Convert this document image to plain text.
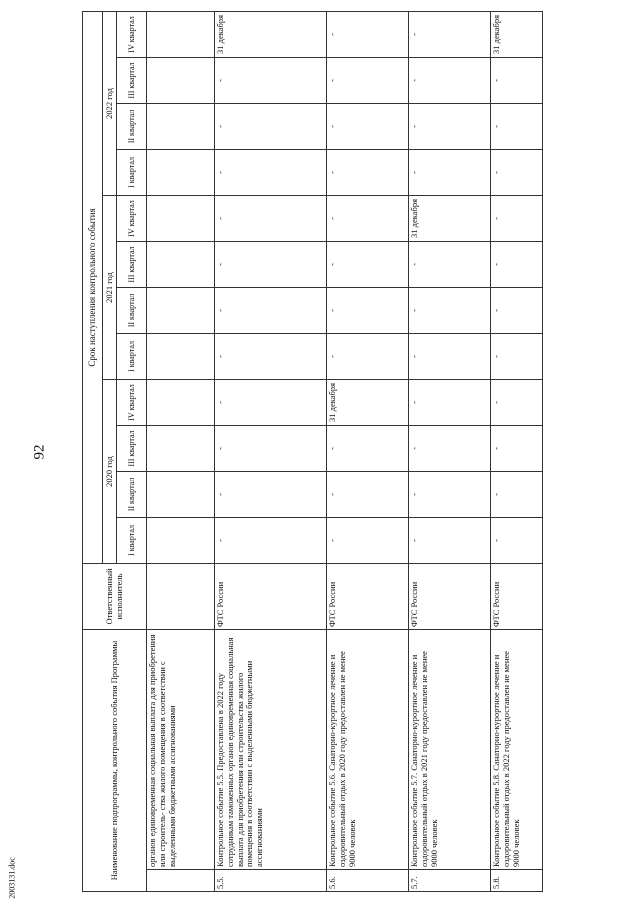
92
2003131.doc	Наименование подпрограммы, контрольного события Программы		Ответственный исполнитель	Срок наступления контрольного события											
			2020 год				2021 год				2022 год			
			I квартал	II квартал	III квартал	IV квартал	I квартал	II квартал	III квартал	IV квартал	I квартал	II квартал	III квартал	IV квартал
	органов единовременная социальная выплата для приобретения или строитель- ства жилого помещения в соответствии с выделенными бюджетными ассигнованиями													
5.5.	Контрольное событие 5.5. Предоставлена в 2022 году сотрудникам таможенных органов единовременная социальная выплата для приобретения или строительства жилого помещения в соответствии с выделенными бюджетными ассигнованиями	ФТС России	-	-	-	-	-	-	-	-	-	-	-	31 декабря
5.6.	Контрольное событие 5.6. Санаторно-курортное лечение и оздоровительный отдых в 2020 году предоставлен не менее 9000 человек	ФТС России	-	-	-	31 декабря	-	-	-	-	-	-	-	-
5.7.	Контрольное событие 5.7. Санаторно-курортное лечение и оздоровительный отдых в 2021 году предоставлен не менее 9000 человек	ФТС России	-	-	-	-	-	-	-	31 декабря	-	-	-	-
5.8.	Контрольное событие 5.8. Санаторно-курортное лечение и оздоровительный отдых в 2022 году предоставлен не менее 9000 человек	ФТС России	-	-	-	-	-	-	-	-	-	-	-	31 декабря
